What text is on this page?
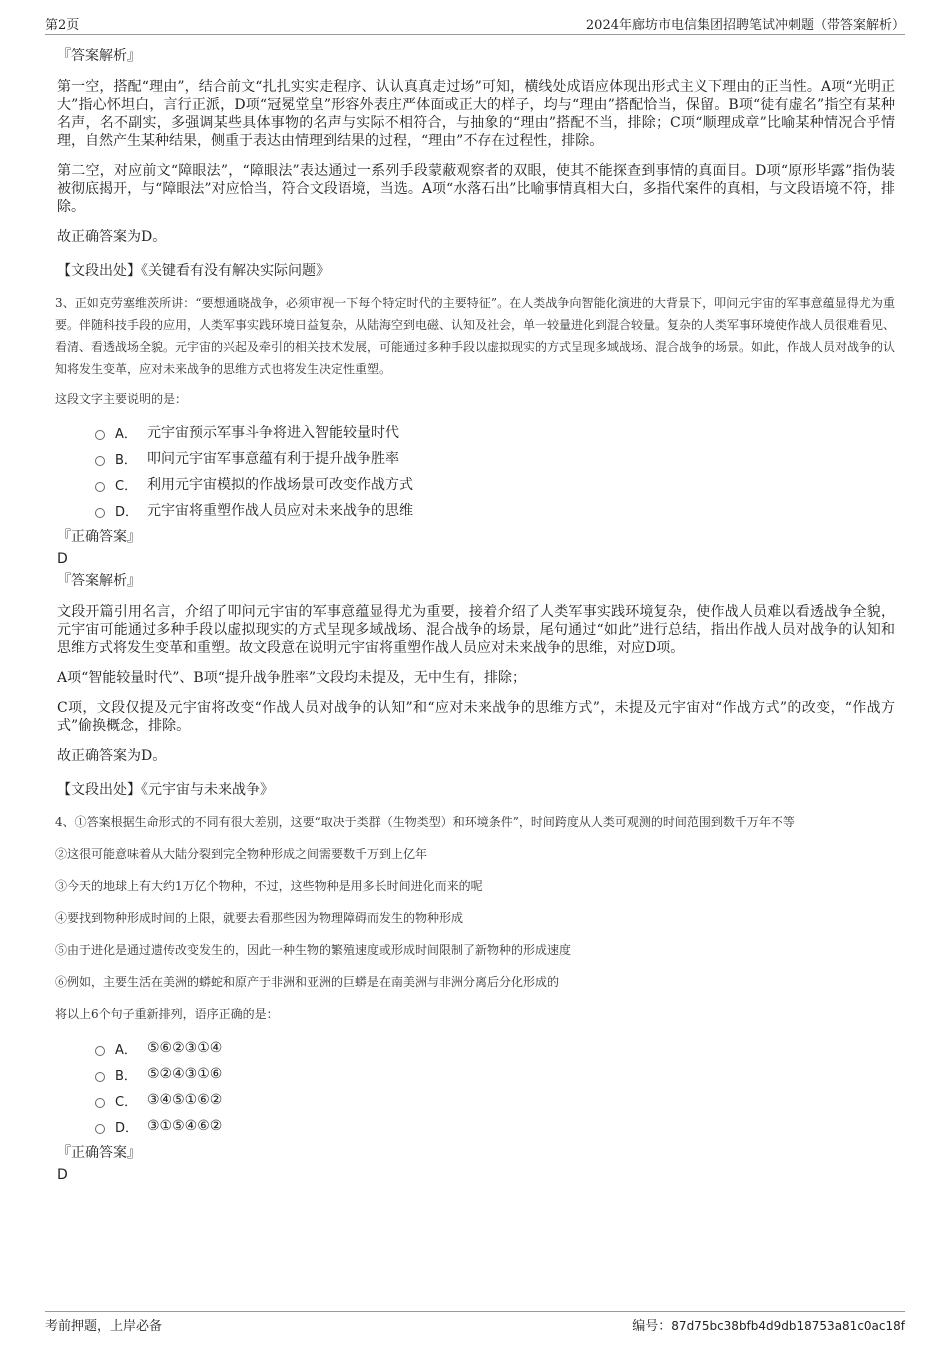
第2页	2024年廊坊市电信集团招聘笔试冲刺题（带答案解析）
『答案解析』
第一空，搭配“理由”，结合前文“扎扎实实走程序、认认真真走过场”可知，横线处成语应体现出形式主义下理由的正当性。A项“光明正大”指心怀坦白，言行正派，D项“冠冕堂皇”形容外表庄严体面或正大的样子，均与“理由”搭配恰当，保留。B项“徒有虚名”指空有某种名声，名不副实，多强调某些具体事物的名声与实际不相符合，与抽象的“理由”搭配不当，排除；C项“顺理成章”比喻某种情况合乎情理，自然产生某种结果，侧重于表达由情理到结果的过程，“理由”不存在过程性，排除。
第二空，对应前文“障眼法”，“障眼法”表达通过一系列手段蒙蔽观察者的双眼，使其不能探查到事情的真面目。D项“原形毕露”指伪装被彻底揭开，与“障眼法”对应恰当，符合文段语境，当选。A项“水落石出”比喻事情真相大白，多指代案件的真相，与文段语境不符，排除。
故正确答案为D。
【文段出处】《关键看有没有解决实际问题》
3、正如克劳塞维茨所讲：“要想通晓战争，必须审视一下每个特定时代的主要特征”。在人类战争向智能化演进的大背景下，叩问元宇宙的军事意蕴显得尤为重要。伴随科技手段的应用，人类军事实践环境日益复杂，从陆海空到电磁、认知及社会，单一较量进化到混合较量。复杂的人类军事环境使作战人员很难看见、看清、看透战场全貌。元宇宙的兴起及牵引的相关技术发展，可能通过多种手段以虚拟现实的方式呈现多域战场、混合战争的场景。如此，作战人员对战争的认知将发生变革，应对未来战争的思维方式也将发生决定性重塑。
这段文字主要说明的是：
A． 元宇宙预示军事斗争将进入智能较量时代
B． 叩问元宇宙军事意蕴有利于提升战争胜率
C． 利用元宇宙模拟的作战场景可改变作战方式
D． 元宇宙将重塑作战人员应对未来战争的思维
『正确答案』
D
『答案解析』
文段开篇引用名言，介绍了叩问元宇宙的军事意蕴显得尤为重要，接着介绍了人类军事实践环境复杂，使作战人员难以看透战争全貌，元宇宙可能通过多种手段以虚拟现实的方式呈现多域战场、混合战争的场景，尾句通过“如此”进行总结，指出作战人员对战争的认知和思维方式将发生变革和重塑。故文段意在说明元宇宙将重塑作战人员应对未来战争的思维，对应D项。
A项“智能较量时代”、B项“提升战争胜率”文段均未提及，无中生有，排除；
C项，文段仅提及元宇宙将改变“作战人员对战争的认知”和“应对未来战争的思维方式”，未提及元宇宙对“作战方式”的改变，“作战方式”偷换概念，排除。
故正确答案为D。
【文段出处】《元宇宙与未来战争》
4、①答案根据生命形式的不同有很大差别，这要“取决于类群（生物类型）和环境条件”，时间跨度从人类可观测的时间范围到数千万年不等
②这很可能意味着从大陆分裂到完全物种形成之间需要数千万到上亿年
③今天的地球上有大约1万亿个物种，不过，这些物种是用多长时间进化而来的呢
④要找到物种形成时间的上限，就要去看那些因为物理障碍而发生的物种形成
⑤由于进化是通过遗传改变发生的，因此一种生物的繁殖速度或形成时间限制了新物种的形成速度
⑥例如，主要生活在美洲的蟒蛇和原产于非洲和亚洲的巨蟒是在南美洲与非洲分离后分化形成的
将以上6个句子重新排列，语序正确的是：
A． ⑤⑥②③①④
B． ⑤②④③①⑥
C． ③④⑤①⑥②
D． ③①⑤④⑥②
『正确答案』
D
考前押题，上岸必备	编号：87d75bc38bfb4d9db18753a81c0ac18f
